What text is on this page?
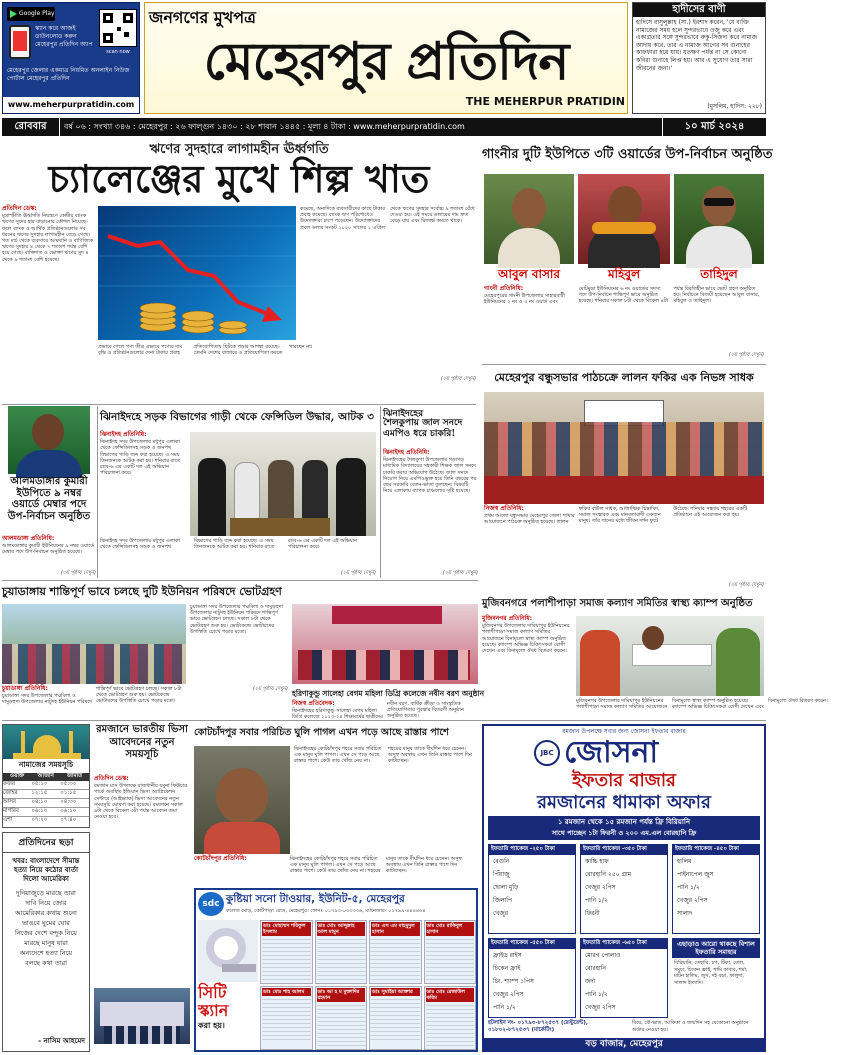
Google Play
স্ক্যান করে আজই ডাউনলোড করুন মেহেরপুর প্রতিদিন অ্যাপ
scan now
মেহেরপুর জেলার একমাত্র নিয়মিত অনলাইন নিউজ পোর্টাল মেহেরপুর প্রতিদিন
www.meherpurpratidin.com
জনগণের মুখপত্র
মেহেরপুর প্রতিদিন
THE MEHERPUR PRATIDIN
হাদীসের বাণী
হাদিসে রাসুলুল্লাহ (সা.) ইরশাদ করেন, 'যে ব্যক্তি নামাজের সময় হলে সুন্দরভাবে ওজু করে এবং একাগ্রতার সঙ্গে সুন্দরভাবে রুকু-সিজদা করে নামাজ আদায় করে, তার এ নামাজ আগের সব গুনাহের কাফফারা হয়ে যায়। যতক্ষণ পর্যন্ত না সে কোনো কবিরা গুনাহে লিপ্ত হয়। আর এ সুযোগ তার সারা জীবনের জন্য।'
(মুসলিম, হাদিস: ২২৮)
রোববার	বর্ষ ০৬ : সংখ্যা ৩৪৬ : মেহেরপুর : ২৬ ফাল্গুন ১৪৩০ : ২৮ শাবান ১৪৪৫ : মূল্য ৪ টাকা : www.meherpurpratidin.com	১০ মার্চ ২০২৪
ঋণের সুদহারে লাগামহীন ঊর্ধ্বগতি
চ্যালেঞ্জের মুখে শিল্প খাত
প্রতিদিন ডেস্ক:
মুদ্রাস্ফীতি ঊর্ধ্বগতি নিয়ন্ত্রণে কেন্দ্রীয় ব্যাংক ঋণের সুদের হার বাড়ানোর কৌশল নিয়েছে। ফলে ব্যাংক ও আর্থিক প্রতিষ্ঠানগুলোর সব ধরনের ঋণের সুদহার লাগামহীন বেড়ে গেছে। গত মার্চ থেকে ব্যবসায়ে আমদানি ও বাণিজ্যিক ঋণের সুদহার ৪ থেকে ৭ শতাংশ পর্যন্ত বেশি হয়ে গেছে। ব্যক্তিগত ও ভোক্তা ঋণের সুদ ৪ থেকে ৯ শতাংশ বেশি হয়েছে।
কমেছে, অন্যদিকে ব্যবসায়ীদের কাছে টাকার প্রবাহ কমেছে। ব্যাংক ঋণ পরিশোধেও উদ্যোক্তারা চাপে পড়েছেন। উদ্যোক্তাদের প্রবল ডলার সংকট ২০২০ সালের ১ এপ্রিল থেকে ঋণের সুদহার সর্বোচ্চ ৯ শতাংশ বেঁধে দেওয়া হয়। এই সময়ে ডলারের দাম দ্রুত বেড়ে যায় এবং রিজার্ভ কমতে থাকে।
প্রভাবে গেলে পণ্য তীব্র এভাবে পণ্যের দাম বৃদ্ধি ও প্রতিষ্ঠানগুলোর দেনা টাকার প্রবাহ প্রতিযোগিতায় ছিটকে পড়ার আশঙ্কা রয়েছে। তেমনি দেশের বাজারে ও প্রতিযোগিতা করতে পারছেন না।
(২য় পৃষ্ঠায় দেখুন)
গাংনীর দুটি ইউপিতে ৩টি ওয়ার্ডের উপ-নির্বাচন অনুষ্ঠিত
আবুল বাসার	মহিবুল	তাহিদুল
গাংনী প্রতিনিধি:
মেহেরপুরের গাংনী উপজেলার সাহারবাটী ইউনিয়নের ২ নং ও ৩ নং ওয়ার্ড এবং মোটমুড়া ইউনিয়নের ৬ নং ওয়ার্ডের সদস্য পদে উপ-নির্বাচন শান্তিপূর্ণ ভাবে অনুষ্ঠিত হয়েছে। শনিবার সকাল ৮টা থেকে বিকেল ৪টা পর্যন্ত বিরতিহীন ভাবে ভোট গ্রহণ অনুষ্ঠিত হয়। নির্বাচনে বিজয়ী হয়েছেন আবুল বাসার, মহিবুল ও তাহিদুল।
(২য় পৃষ্ঠায় দেখুন)
মেহেরপুর বন্ধুসভার পাঠচক্রে লালন ফকির এক নিভঙ্গ সাধক
নিজস্ব প্রতিনিধি:
প্রথম আলো বন্ধুসভার মেহেরপুর জেলা শাখার আয়োজনে পাঠচক্র অনুষ্ঠিত হয়েছে। লালন ফকির বাউল সাধক, আধ্যাত্মিক চিন্তাবিদ, সমাজ সংস্কারক এবং মানবতাবাদী একজন মানুষ। তাঁর গানের মধ্যে জীবন দর্শন ফুটে উঠেছে। শনিবার সন্ধ্যায় শহরের একটি প্রতিষ্ঠানে এই আয়োজন করা হয়।
(২য় পৃষ্ঠায় দেখুন)
আলমডাঙ্গার কুমারী ইউপিতে ৯ নম্বর ওয়ার্ডে মেম্বার পদে উপ-নির্বাচন অনুষ্ঠিত
আলমডাঙ্গা প্রতিনিধি:
আলমডাঙ্গার কুমারী ইউনিয়নের ৯ নম্বর ওয়ার্ডে মেম্বার পদে উপ-নির্বাচন অনুষ্ঠিত হয়েছে।
(৩য় পৃষ্ঠায় দেখুন)
ঝিনাইদহে সড়ক বিভাগের গাড়ী থেকে ফেন্সিডিল উদ্ধার, আটক ৩
ঝিনাইদহ প্রতিনিধি:
ঝিনাইদহ সদর উপজেলার মধুপুর এলাকা থেকে ফেন্সিডিলসহ সড়ক ও জনপথ বিভাগের গাড়ি জব্দ করা হয়েছে। এ সময় তিনজনকে আটক করা হয়। শনিবার রাতে র‍্যাব-৬ এর একটি দল এই অভিযান পরিচালনা করে।
ঝিনাইদহ সদর উপজেলার মধুপুর এলাকা থেকে ফেন্সিডিলসহ সড়ক ও জনপথ বিভাগের গাড়ি জব্দ করা হয়েছে। এ সময় তিনজনকে আটক করা হয়। শনিবার রাতে র‍্যাব-৬ এর একটি দল এই অভিযান পরিচালনা করে।
(২য় পৃষ্ঠায় দেখুন)
ঝিনাইদহের
শৈলকুপায় জাল সনদে এমপিও ধরে চাকরি!
ঝিনাইদহ প্রতিনিধি:
ঝিনাইদহের শৈলকুপা উপজেলার গড়াগড় মাধ্যমিক বিদ্যালয়ের সহকারী শিক্ষক জাল সনদে চাকরি করার অভিযোগ উঠেছে। জাল সনদে নিয়োগ নিয়ে এমপিওভুক্ত হয়ে তিনি বছরের পর বছর সরকারি বেতন-ভাতা তুলছেন। বিষয়টি নিয়ে এলাকায় ব্যাপক চাঞ্চল্যের সৃষ্টি হয়েছে।
(২য় পৃষ্ঠায় দেখুন)
চুয়াডাঙ্গায় শান্তিপূর্ণ ভাবে চলছে দুটি ইউনিয়ন পরিষদে ভোটগ্রহণ
চুয়াডাঙ্গা সদর উপজেলার পদ্মবিলা ও দামুড়হুদা উপজেলার নাটুদহ ইউনিয়ন পরিষদে শান্তিপূর্ণ ভাবে ভোটগ্রহণ চলছে। সকাল ৮টা থেকে ভোটগ্রহণ শুরু হয়। ভোটকেন্দ্রে ভোটারদের উপস্থিতি চোখে পড়ার মতো।
চুয়াডাঙ্গা প্রতিনিধি:
চুয়াডাঙ্গা সদর উপজেলার পদ্মবিলা ও দামুড়হুদা উপজেলার নাটুদহ ইউনিয়ন পরিষদে শান্তিপূর্ণ ভাবে ভোটগ্রহণ চলছে। সকাল ৮টা থেকে ভোটগ্রহণ শুরু হয়। ভোটকেন্দ্রে ভোটারদের উপস্থিতি চোখে পড়ার মতো।
(২য় পৃষ্ঠায় দেখুন) হরিণাকুন্ডু সালেহা বেগম মহিলা ডিগ্রি কলেজে নবীন বরণ অনুষ্ঠান
নিজস্ব প্রতিবেদক:
ঝিনাইদহের হরিণাকুন্ডু সালেহা বেগম মহিলা ডিগ্রি কলেজে ২০২৩-২৪ শিক্ষাবর্ষের ছাত্রীদের নবীন বরণ, বার্ষিক ক্রীড়া ও সাংস্কৃতিক প্রতিযোগিতার পুরস্কার বিতরণী অনুষ্ঠান অনুষ্ঠিত হয়েছে।
মুজিবনগরে পলাশীপাড়া সমাজ কল্যাণ সমিতির স্বাস্থ্য ক্যাম্প অনুষ্ঠিত
মুজিবনগর প্রতিনিধি:
মুজিবনগর উপজেলার দারিয়াপুর ইউনিয়নের পলাশীপাড়া সমাজ কল্যাণ সমিতির আয়োজনে বিনামূল্যে স্বাস্থ্য ক্যাম্প অনুষ্ঠিত হয়েছে। ক্যাম্পে অভিজ্ঞ চিকিৎসকরা রোগী দেখেন এবং বিনামূল্যে ঔষধ বিতরণ করেন।
মুজিবনগর উপজেলার দারিয়াপুর ইউনিয়নের পলাশীপাড়া সমাজ কল্যাণ সমিতির আয়োজনে বিনামূল্যে স্বাস্থ্য ক্যাম্প অনুষ্ঠিত হয়েছে। ক্যাম্পে অভিজ্ঞ চিকিৎসকরা রোগী দেখেন এবং বিনামূল্যে ঔষধ বিতরণ করেন।
নামাজের সময়সূচি
ওয়াক্ত	আজান	জামাত
ফজর	০৫:১০	০৫:৩০
জোহর	১২:১৫	০১:১৫
আসর	০৪:১০	০৪:৩০
মাগরিব	০৬:১০	০৬:১০
এশা	০৭:২০	০৭:৪০
প্রতিদিনের ছড়া
খবর: বাংলাদেশে সীমান্ত হত্যা নিয়ে কঠোর বার্তা দিলো আমেরিকা
দুনিয়াজুড়ে মারছে তারা
দাবি নিয়ে জোর
আমেরিকার কথায় শুনো
ভাঙবে ঘুমের ঘোর
নিজের দেশে বন্দুক নিয়ে
মারছে মানুষ যারা
অন্যদেশে হত্যা নিয়ে
বলছে কথা তারা
- নাসিম আহমেদ
রমজানে ভারতীয় ভিসা আবেদনের নতুন সময়সূচি
প্রতিদিন ডেস্ক:
রমজান মাস উপলক্ষে রাজধানীর যমুনা ফিউচার পার্কে অবস্থিত ইন্ডিয়ান ভিসা অ্যাপ্লিকেশন সেন্টারে (আইভ্যাক) ভিসা আবেদনের নতুন সময়সূচি ঘোষণা করা হয়েছে। রমজানে সকাল ৯টা থেকে বিকেল ৩টা পর্যন্ত আবেদন জমা নেওয়া হবে।
কোটচাঁদপুর সবার পরিচিত ঘুলি পাগল এখন পড়ে আছে রাস্তার পাশে
ঝিনাইদহের কোটচাঁদপুর শহরে সবার পরিচিত এক মানুষ ঘুলি পাগল। এখন সে পড়ে আছে রাস্তার পাশে। কেউ তার খোঁজ নেয় না। শহরের মানুষ তাকে দীর্ঘদিন ধরে চেনেন। অসুস্থ অবস্থায় এখন তিনি রাস্তার পাশে দিন কাটাচ্ছেন।
কোটচাঁদপুর প্রতিনিধি:	ঝিনাইদহের কোটচাঁদপুর শহরে সবার পরিচিত এক মানুষ ঘুলি পাগল। এখন সে পড়ে আছে রাস্তার পাশে। কেউ তার খোঁজ নেয় না। শহরের মানুষ তাকে দীর্ঘদিন ধরে চেনেন। অসুস্থ অবস্থায় এখন তিনি রাস্তার পাশে দিন কাটাচ্ছেন।
sdc কুষ্টিয়া সনো টাওয়ার, ইউনিট-৫, মেহেরপুর
কলেজ মোড়, কোর্টপাড়া রোড, মেহেরপুর। ফোনঃ ০১৭৯৩-০৩৩৩৩৬, ম্যানেজার- ০১৭৯৯-৪৪৪৪৬৪
সিটি
স্ক্যান
করা হয়।
ডাঃ মোহাম্মদ শরিফুল ইসলাম
ডাঃ মোঃ আব্দুল্লাহ আল মামুন
ডাঃ এস এম মাহমুদুল হাসান
ডাঃ মোঃ রাকিবুল হাসান
ডাঃ মোঃ শাহ আলম	ডাঃ আ হ ম মুক্তাদির রহমান
ডাঃ সুমাইয়া আক্তার	ডাঃ মোঃ রেজাউল করিম
রমজান উপলক্ষে সবার জন্য জোসনা ইফতার বাজার
JBC জোসনা
ইফতার বাজার
রমজানের ধামাকা অফার
১ রমজান থেকে ১৫ রমজান পর্যন্ত ফ্রি বিরিয়ানি
সাথে পাচ্ছেন ১টা ফিরনী ও ২০০ এম.এল বোরহানি ফ্রি
ইফতারি প্যাকেজ -২৫০ টাকা
বেগুনি
পিঁয়াজু
ছোলা মুড়ি
জিলাপি
খেজুর
ইফতারি প্যাকেজ -৩৫০ টাকা
কাচ্চি হাফ
বোরহানি ২৫০ গ্রাম
খেজুর ২পিস
পানি ১/২
ফিরনী
ইফতারি প্যাকেজ -৪৫০ টাকা
হালিম
পাইনাপেল জুস
পানি ১/২
খেজুর ২পিস
সালাদ
ইফতারি প্যাকেজ -৫৫০ টাকা
ফ্রাইড রাইস
চিকেন ফ্রাই
চিং. শ্যাম্প ১পিস
খেজুর ২পিস
পানি ১/২
ইফতারি প্যাকেজ -৬৫০ টাকা
মোরগ পোলাও
বোরহানি
জর্দা
পানি ১/২
খেজুর ২পিস
এছাড়াও আরো থাকছে বিশাল ইফতারি সমাহার
বিরিয়ানি, তেহারি, চপ, টিকা, রোল, সমুচা, চিকেন ফ্রাই, শামি কাবাব, শর্মা, মাটন হালিম, জুস, দই বড়া, ফালুদা, সালাদ ইত্যাদি।
হটলাইন নং- ০১৭৯৩-৮৭২৫৩৭ (রেস্টুরেন্ট), ০১৮০২-৮৭২৫৩৭ (মার্কেটিং)
বিয়ে, বৌ-ভাত, আকিকা ও জন্মদিন সহ যেকোনো অনুষ্ঠানে অর্ডার নেওয়া হয়।
বড় বাজার, মেহেরপুর
